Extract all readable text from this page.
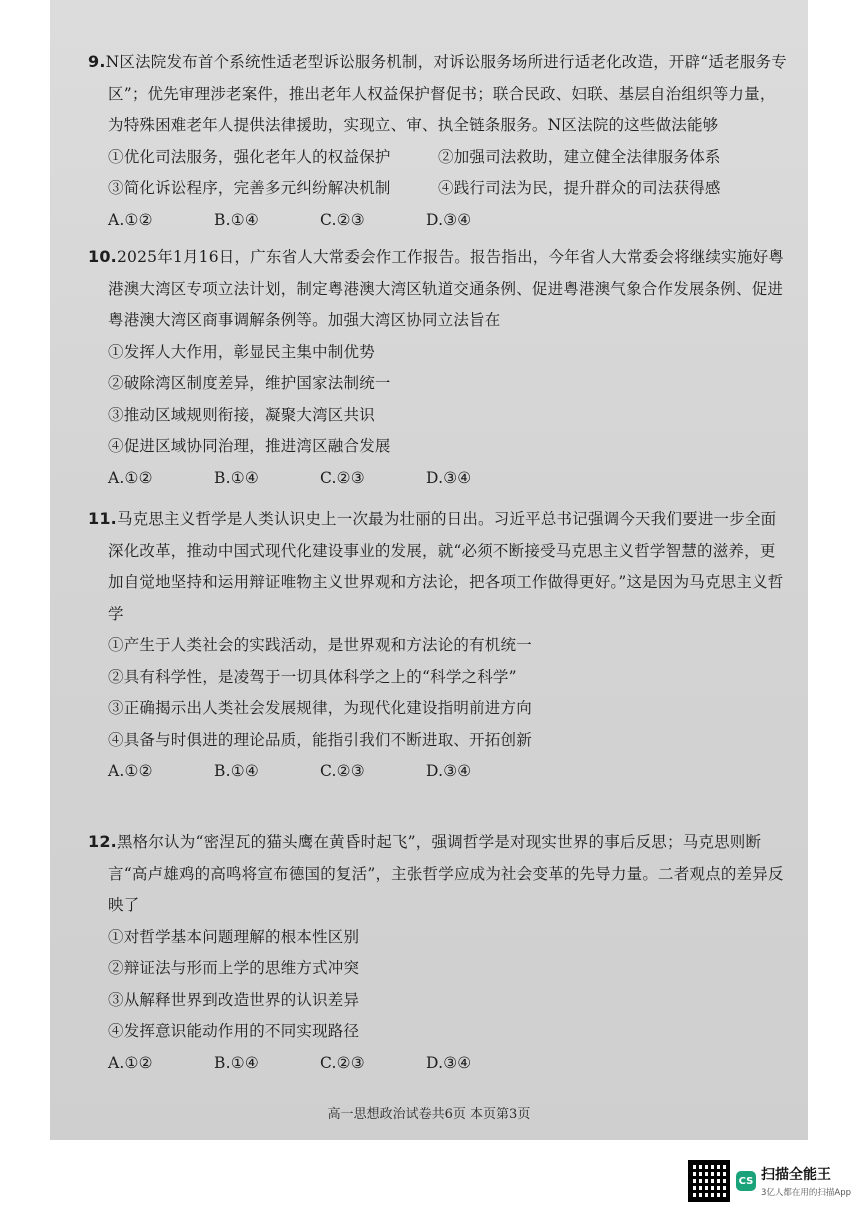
9.N区法院发布首个系统性适老型诉讼服务机制，对诉讼服务场所进行适老化改造，开辟“适老服务专区”；优先审理涉老案件，推出老年人权益保护督促书；联合民政、妇联、基层自治组织等力量，为特殊困难老年人提供法律援助，实现立、审、执全链条服务。N区法院的这些做法能够

①优化司法服务，强化老年人的权益保护	②加强司法救助，建立健全法律服务体系
③简化诉讼程序，完善多元纠纷解决机制	④践行司法为民，提升群众的司法获得感
A.①②	B.①④	C.②③	D.③④

10.2025年1月16日，广东省人大常委会作工作报告。报告指出，今年省人大常委会将继续实施好粤港澳大湾区专项立法计划，制定粤港澳大湾区轨道交通条例、促进粤港澳气象合作发展条例、促进粤港澳大湾区商事调解条例等。加强大湾区协同立法旨在

①发挥人大作用，彰显民主集中制优势
②破除湾区制度差异，维护国家法制统一
③推动区域规则衔接，凝聚大湾区共识
④促进区域协同治理，推进湾区融合发展
A.①②	B.①④	C.②③	D.③④

11.马克思主义哲学是人类认识史上一次最为壮丽的日出。习近平总书记强调今天我们要进一步全面深化改革，推动中国式现代化建设事业的发展，就“必须不断接受马克思主义哲学智慧的滋养，更加自觉地坚持和运用辩证唯物主义世界观和方法论，把各项工作做得更好。”这是因为马克思主义哲学

①产生于人类社会的实践活动，是世界观和方法论的有机统一
②具有科学性，是凌驾于一切具体科学之上的“科学之科学”
③正确揭示出人类社会发展规律，为现代化建设指明前进方向
④具备与时俱进的理论品质，能指引我们不断进取、开拓创新
A.①②	B.①④	C.②③	D.③④

12.黑格尔认为“密涅瓦的猫头鹰在黄昏时起飞”，强调哲学是对现实世界的事后反思；马克思则断言“高卢雄鸡的高鸣将宣布德国的复活”，主张哲学应成为社会变革的先导力量。二者观点的差异反映了

①对哲学基本问题理解的根本性区别
②辩证法与形而上学的思维方式冲突
③从解释世界到改造世界的认识差异
④发挥意识能动作用的不同实现路径
A.①②	B.①④	C.②③	D.③④
高一思想政治试卷共6页 本页第3页
CS 扫描全能王
3亿人都在用的扫描App
